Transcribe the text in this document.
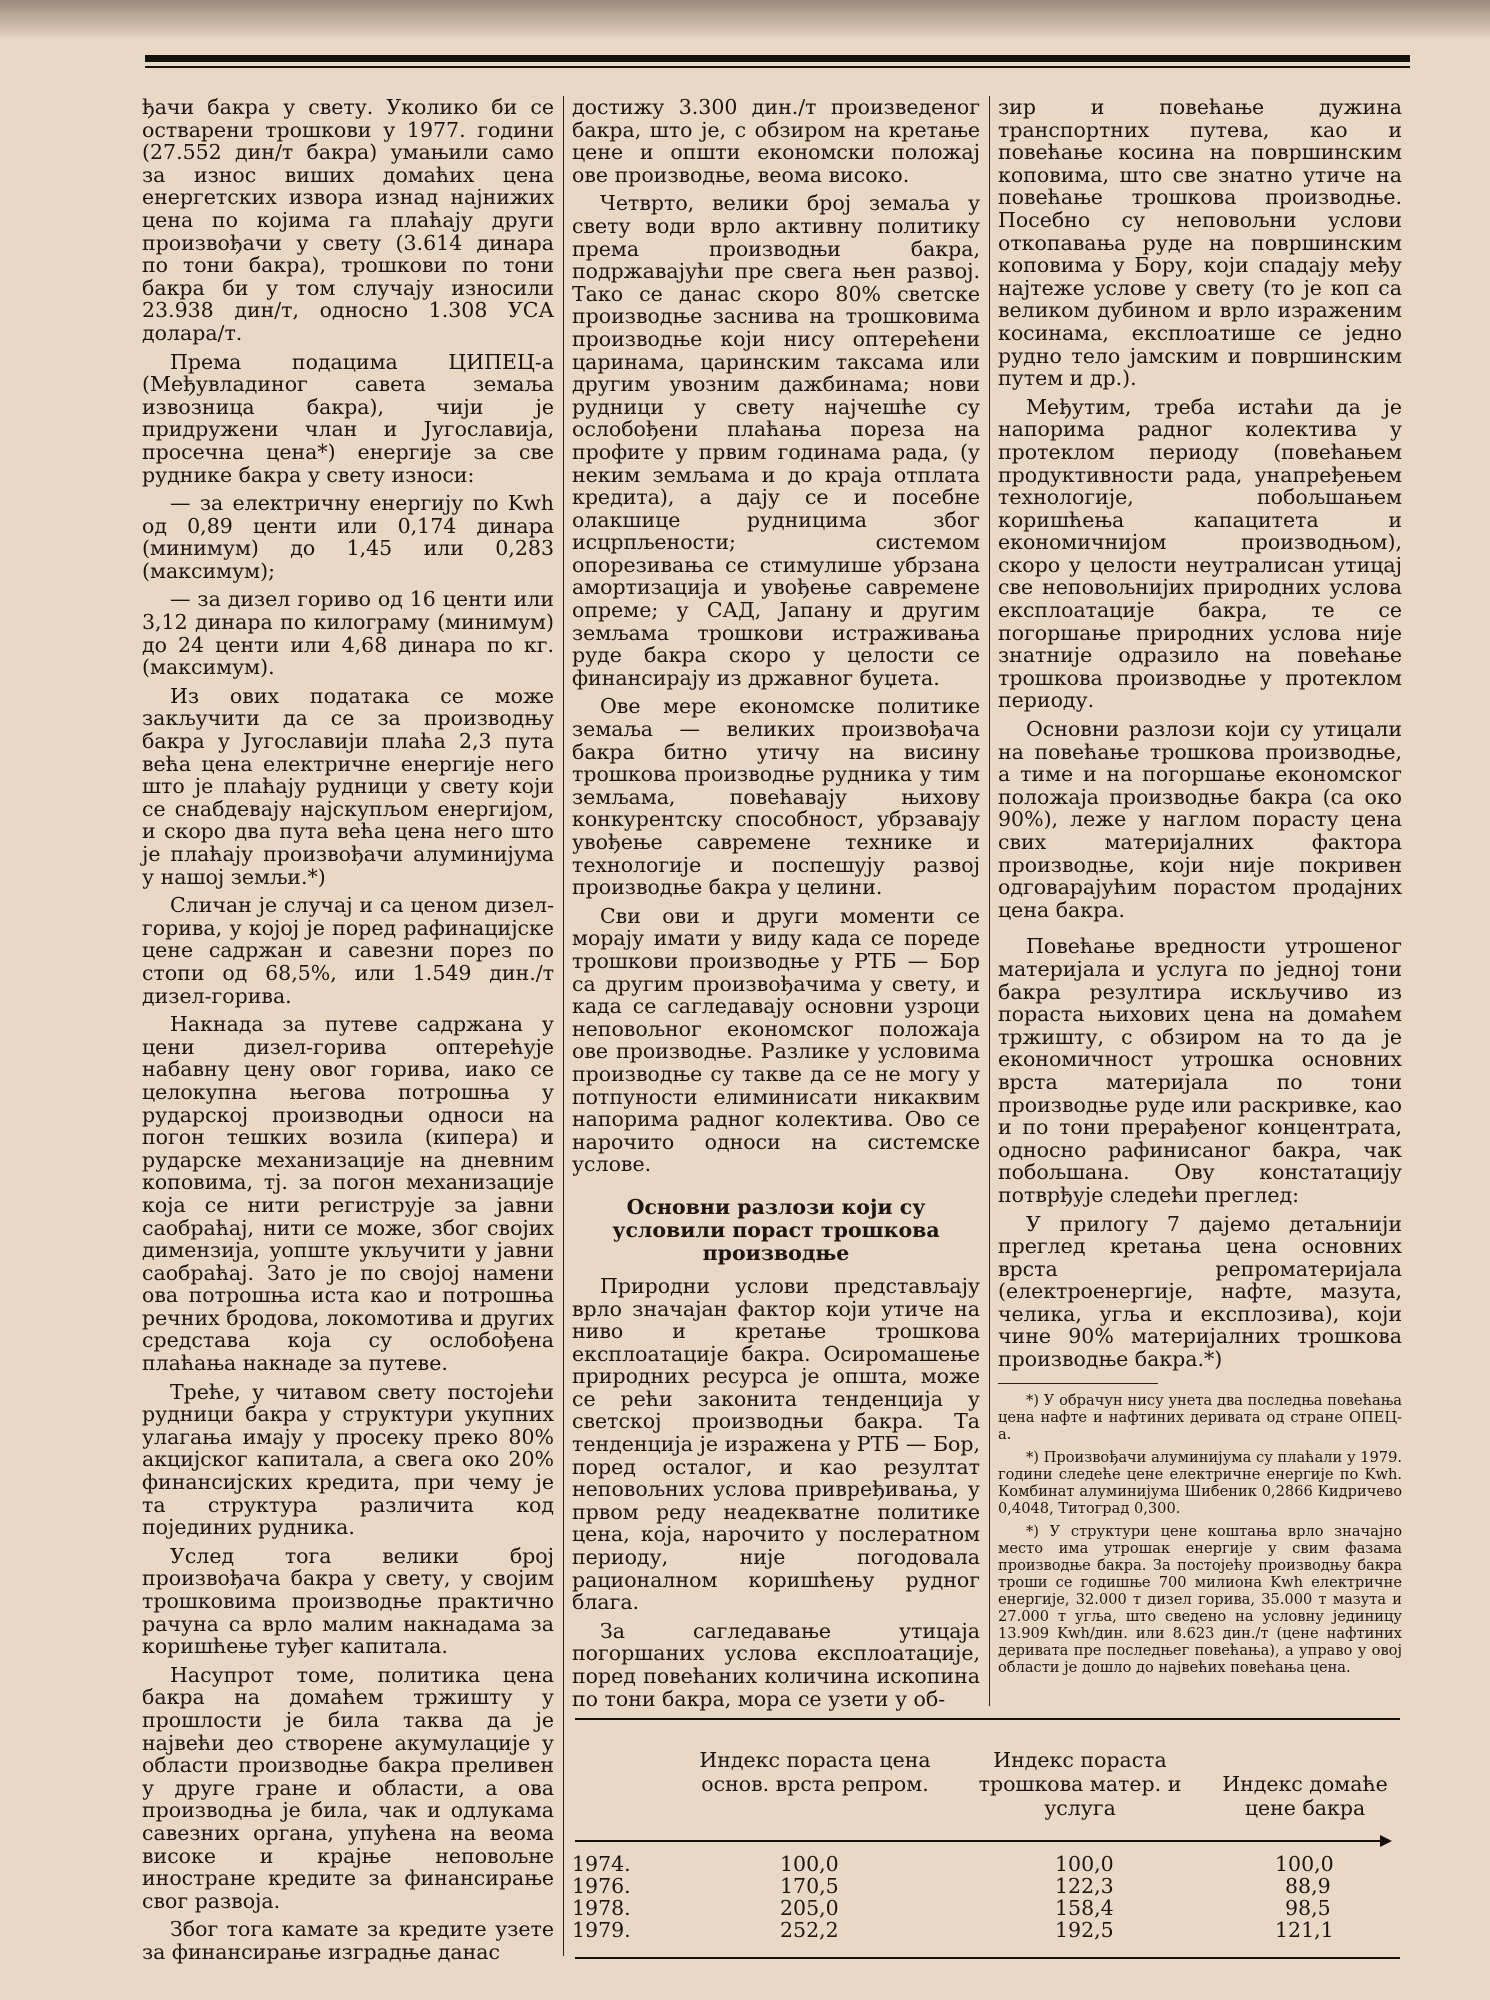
ђачи бакра у свету. Уколико би се остварени трошкови у 1977. години (27.552 дин/т бакра) умањили само за износ виших домаћих цена енергетских извора изнад најнижих цена по којима га плаћају други произвођачи у свету (3.614 динара по тони бакра), трошкови по тони бакра би у том случају износили 23.938 дин/т, односно 1.308 УСА долара/т.

Према подацима ЦИПЕЦ-а (Међувладиног савета земаља извозница бакра), чији је придружени члан и Југославија, просечна цена*) енергије за све руднике бакра у свету износи:

— за електричну енергију по Kwh од 0,89 центи или 0,174 динара (минимум) до 1,45 или 0,283 (максимум);

— за дизел гориво од 16 центи или 3,12 динара по килограму (минимум) до 24 центи или 4,68 динара по кг. (максимум).

Из ових података се може закључити да се за производњу бакра у Југославији плаћа 2,3 пута већа цена електричне енергије него што је плаћају рудници у свету који се снабдевају најскупљом енергијом, и скоро два пута већа цена него што је плаћају произвођачи алуминијума у нашој земљи.*)

Сличан је случај и са ценом дизел-горива, у којој је поред рафинацијске цене садржан и савезни порез по стопи од 68,5%, или 1.549 дин./т дизел-горива.

Накнада за путеве садржана у цени дизел-горива оптерећује набавну цену овог горива, иако се целокупна његова потрошња у рударској производњи односи на погон тешких возила (кипера) и рударске механизације на дневним коповима, тј. за погон механизације која се нити региструје за јавни саобраћај, нити се може, због својих димензија, уопште укључити у јавни саобраћај. Зато је по својој намени ова потрошња иста као и потрошња речних бродова, локомотива и других средстава која су ослобођена плаћања накнаде за путеве.

Треће, у читавом свету постојећи рудници бакра у структури укупних улагања имају у просеку преко 80% акцијског капитала, а свега око 20% финансијских кредита, при чему је та структура различита код појединих рудника.

Услед тога велики број произвођача бакра у свету, у својим трошковима производње практично рачуна са врло малим накнадама за коришћење туђег капитала.

Насупрот томе, политика цена бакра на домаћем тржишту у прошлости је била таква да је највећи део створене акумулације у области производње бакра преливен у друге гране и области, а ова производња је била, чак и одлукама савезних органа, упућена на веома високе и крајње неповољне иностране кредите за финансирање свог развоја.

Због тога камате за кредите узете за финансирање изградње данас

достижу 3.300 дин./т произведеног бакра, што је, с обзиром на кретање цене и општи економски положај ове производње, веома високо.

Четврто, велики број земаља у свету води врло активну политику према производњи бакра, подржавајући пре свега њен развој. Тако се данас скоро 80% светске производње заснива на трошковима производње који нису оптерећени царинама, царинским таксама или другим увозним дажбинама; нови рудници у свету најчешће су ослобођени плаћања пореза на профите у првим годинама рада, (у неким земљама и до краја отплата кредита), а дају се и посебне олакшице рудницима због исцрпљености; системом опорезивања се стимулише убрзана амортизација и увођење савремене опреме; у САД, Јапану и другим земљама трошкови истраживања руде бакра скоро у целости се финансирају из државног буџета.

Ове мере економске политике земаља — великих произвођача бакра битно утичу на висину трошкова производње рудника у тим земљама, повећавају њихову конкурентску способност, убрзавају увођење савремене технике и технологије и поспешују развој производње бакра у целини.

Сви ови и други моменти се морају имати у виду када се пореде трошкови производње у РТБ — Бор са другим произвођачима у свету, и када се сагледавају основни узроци неповољног економског положаја ове производње. Разлике у условима производње су такве да се не могу у потпуности елиминисати никаквим напорима радног колектива. Ово се нарочито односи на системске услове.

Основни разлози који су условили пораст трошкова производње

Природни услови представљају врло значајан фактор који утиче на ниво и кретање трошкова експлоатације бакра. Осиромашење природних ресурса је општа, може се рећи законита тенденција у светској производњи бакра. Та тенденција је изражена у РТБ — Бор, поред осталог, и као резултат неповољних услова привређивања, у првом реду неадекватне политике цена, која, нарочито у послератном периоду, није погодовала рационалном коришћењу рудног блага.

За сагледавање утицаја погоршаних услова експлоатације, поред повећаних количина ископина по тони бакра, мора се узети у об-

зир и повећање дужина транспортних путева, као и повећање косина на површинским коповима, што све знатно утиче на повећање трошкова производње. Посебно су неповољни услови откопавања руде на површинским коповима у Бору, који спадају међу најтеже услове у свету (то је коп са великом дубином и врло израженим косинама, експлоатише се једно рудно тело јамским и површинским путем и др.).

Међутим, треба истаћи да је напорима радног колектива у протеклом периоду (повећањем продуктивности рада, унапређењем технологије, побољшањем коришћења капацитета и економичнијом производњом), скоро у целости неутралисан утицај све неповољнијих природних услова експлоатације бакра, те се погоршање природних услова није знатније одразило на повећање трошкова производње у протеклом периоду.

Основни разлози који су утицали на повећање трошкова производње, а тиме и на погоршање економског положаја производње бакра (са око 90%), леже у наглом порасту цена свих материјалних фактора производње, који није покривен одговарајућим порастом продајних цена бакра.

Повећање вредности утрошеног материјала и услуга по једној тони бакра резултира искључиво из пораста њихових цена на домаћем тржишту, с обзиром на то да је економичност утрошка основних врста материјала по тони производње руде или раскривке, као и по тони прерађеног концентрата, односно рафинисаног бакра, чак побољшана. Ову констатацију потврђује следећи преглед:

У прилогу 7 дајемо детаљнији преглед кретања цена основних врста репроматеријала (електроенергије, нафте, мазута, челика, угља и експлозива), који чине 90% материјалних трошкова производње бакра.*)

*) У обрачун нису унета два последња повећања цена нафте и нафтиних деривата од стране ОПЕЦ-а.

*) Произвођачи алуминијума су плаћали у 1979. години следеће цене електричне енергије по Kwh. Комбинат алуминијума Шибеник 0,2866 Кидричево 0,4048, Титоград 0,300.

*) У структури цене коштања врло значајно место има утрошак енергије у свим фазама производње бакра. За постојећу производњу бакра троши се годишње 700 милиона Kwh електричне енергије, 32.000 т дизел горива, 35.000 т мазута и 27.000 т угља, што сведено на условну јединицу 13.909 Kwh/дин. или 8.623 дин./т (цене нафтиних деривата пре последњег повећања), а управо у овој области је дошло до највећих повећања цена.

Индекс пораста цена основ. врста репром.
Индекс пораста трошкова матер. и услуга
Индекс домаће цене бакра
1974.	100,0	100,0	100,0
1976.	170,5	122,3	88,9
1978.	205,0	158,4	98,5
1979.	252,2	192,5	121,1
